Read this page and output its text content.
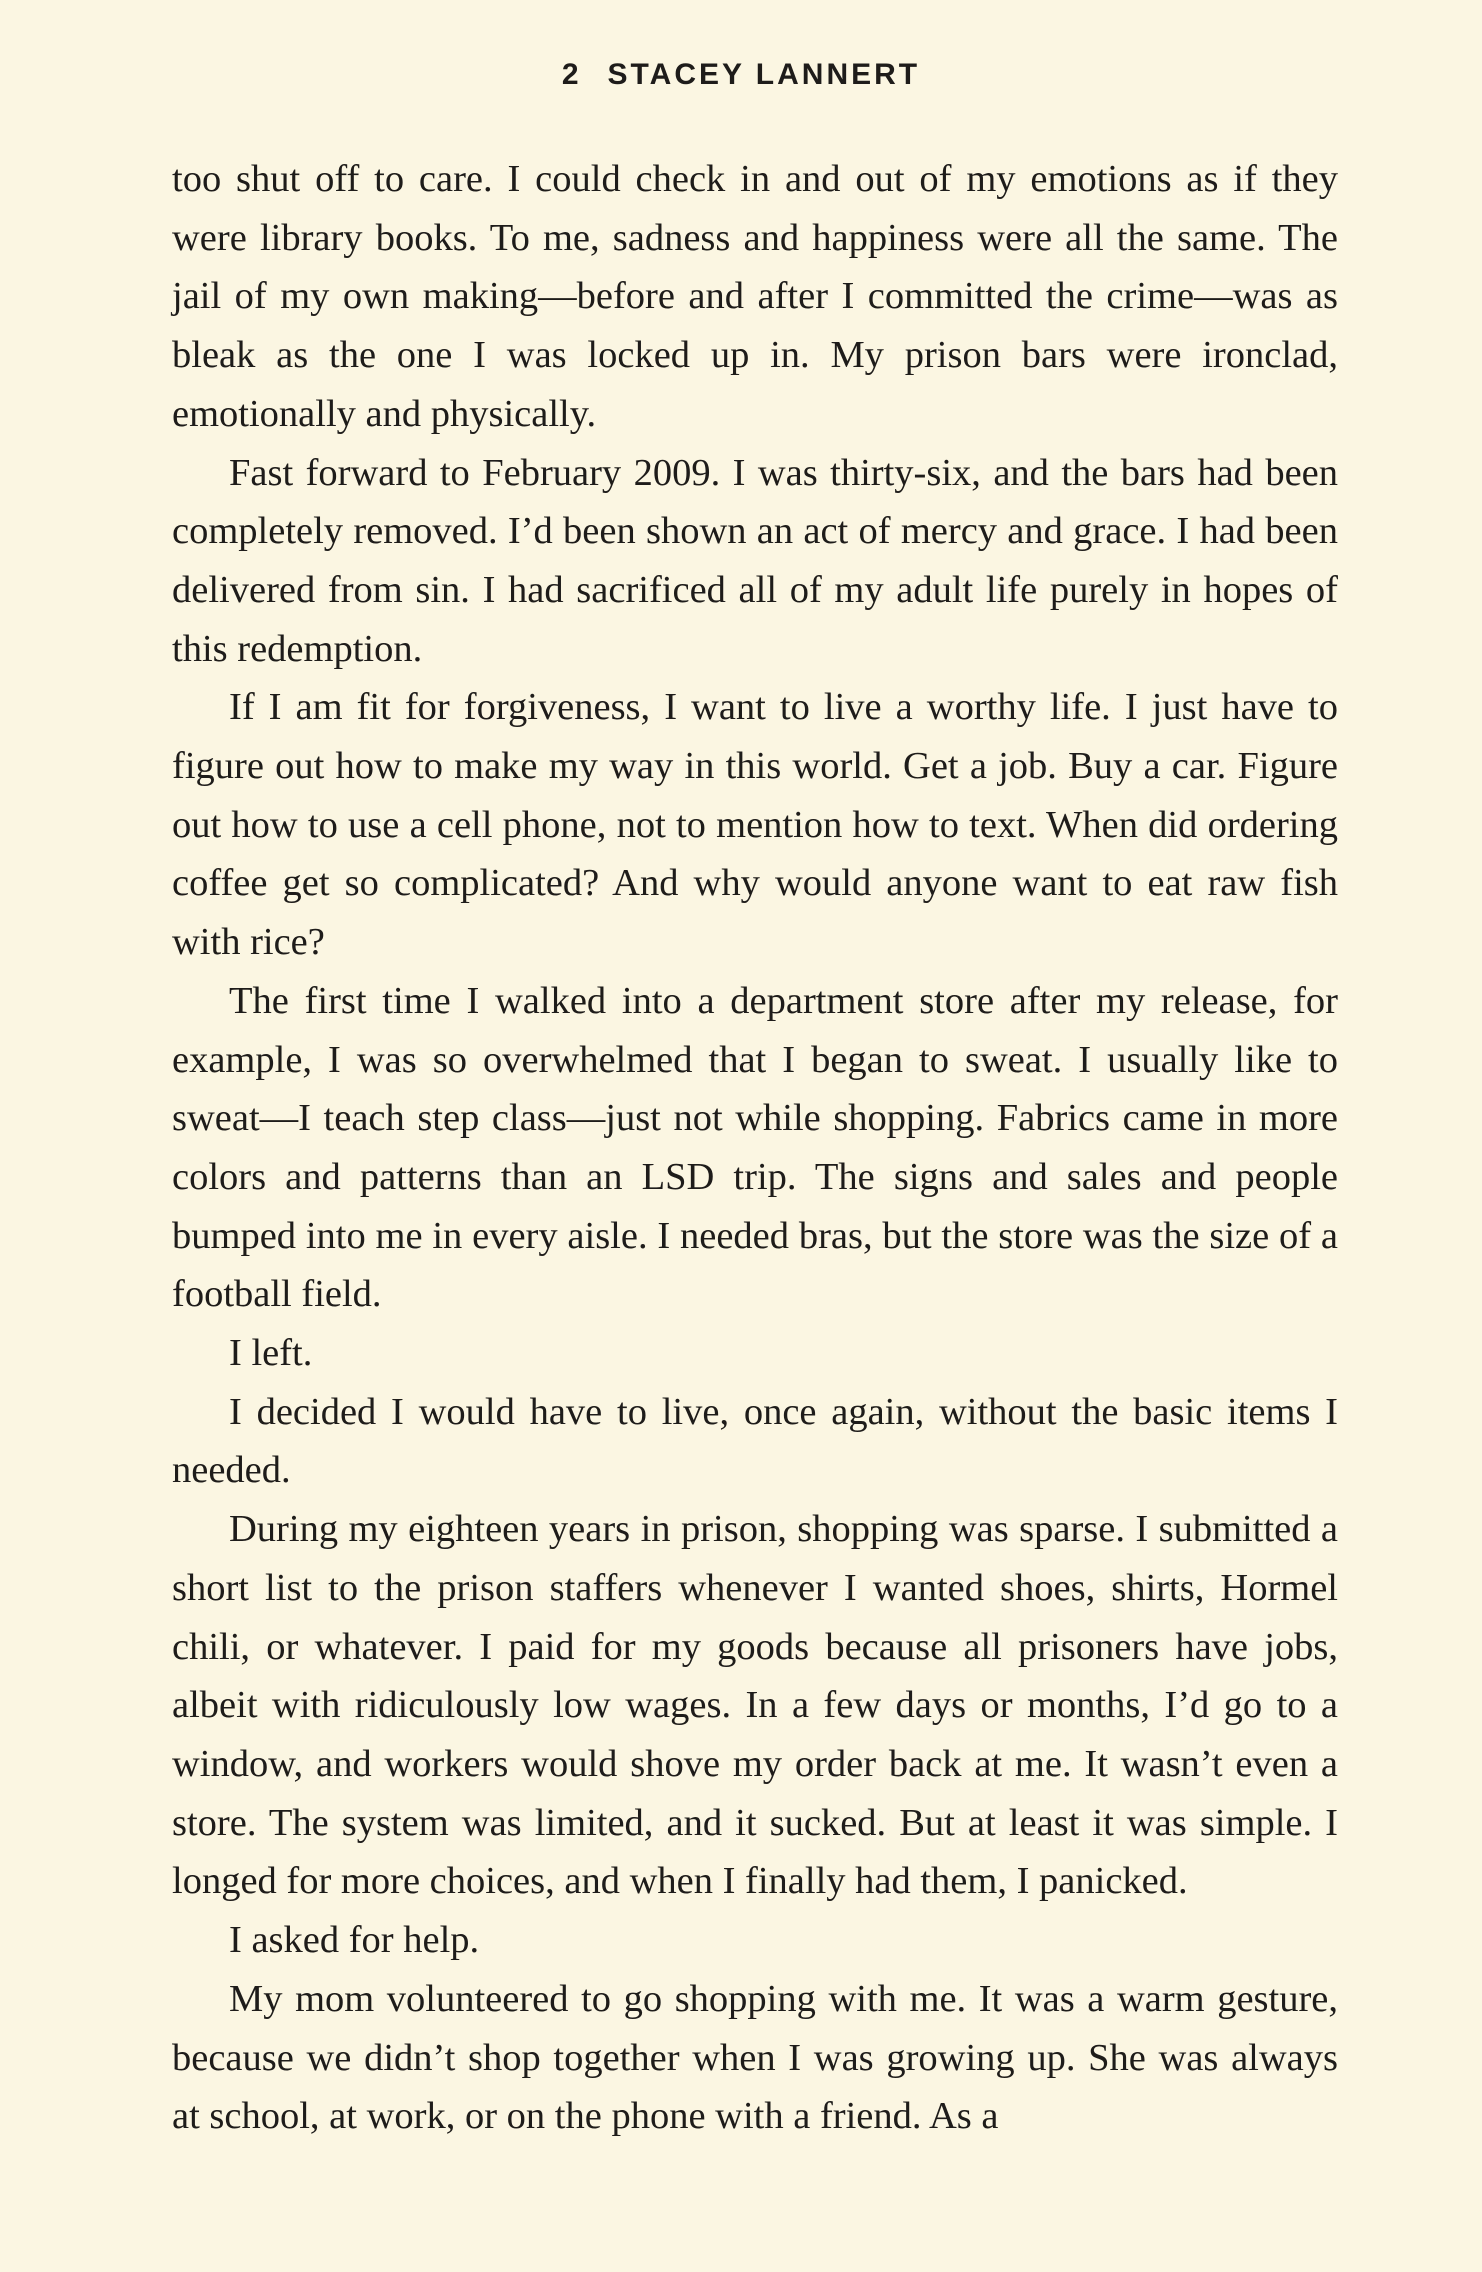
2 STACEY LANNERT

too shut off to care. I could check in and out of my emotions as if they were library books. To me, sadness and happiness were all the same. The jail of my own making—before and after I committed the crime—was as bleak as the one I was locked up in. My prison bars were ironclad, emotionally and physically.

Fast forward to February 2009. I was thirty-six, and the bars had been completely removed. I’d been shown an act of mercy and grace. I had been delivered from sin. I had sacrificed all of my adult life purely in hopes of this redemption.

If I am fit for forgiveness, I want to live a worthy life. I just have to figure out how to make my way in this world. Get a job. Buy a car. Figure out how to use a cell phone, not to mention how to text. When did ordering coffee get so complicated? And why would anyone want to eat raw fish with rice?

The first time I walked into a department store after my release, for example, I was so overwhelmed that I began to sweat. I usually like to sweat—I teach step class—just not while shopping. Fabrics came in more colors and patterns than an LSD trip. The signs and sales and people bumped into me in every aisle. I needed bras, but the store was the size of a football field.

I left.

I decided I would have to live, once again, without the basic items I needed.

During my eighteen years in prison, shopping was sparse. I submitted a short list to the prison staffers whenever I wanted shoes, shirts, Hormel chili, or whatever. I paid for my goods because all prisoners have jobs, albeit with ridiculously low wages. In a few days or months, I’d go to a window, and workers would shove my order back at me. It wasn’t even a store. The system was limited, and it sucked. But at least it was simple. I longed for more choices, and when I finally had them, I panicked.

I asked for help.

My mom volunteered to go shopping with me. It was a warm gesture, because we didn’t shop together when I was growing up. She was always at school, at work, or on the phone with a friend. As a
